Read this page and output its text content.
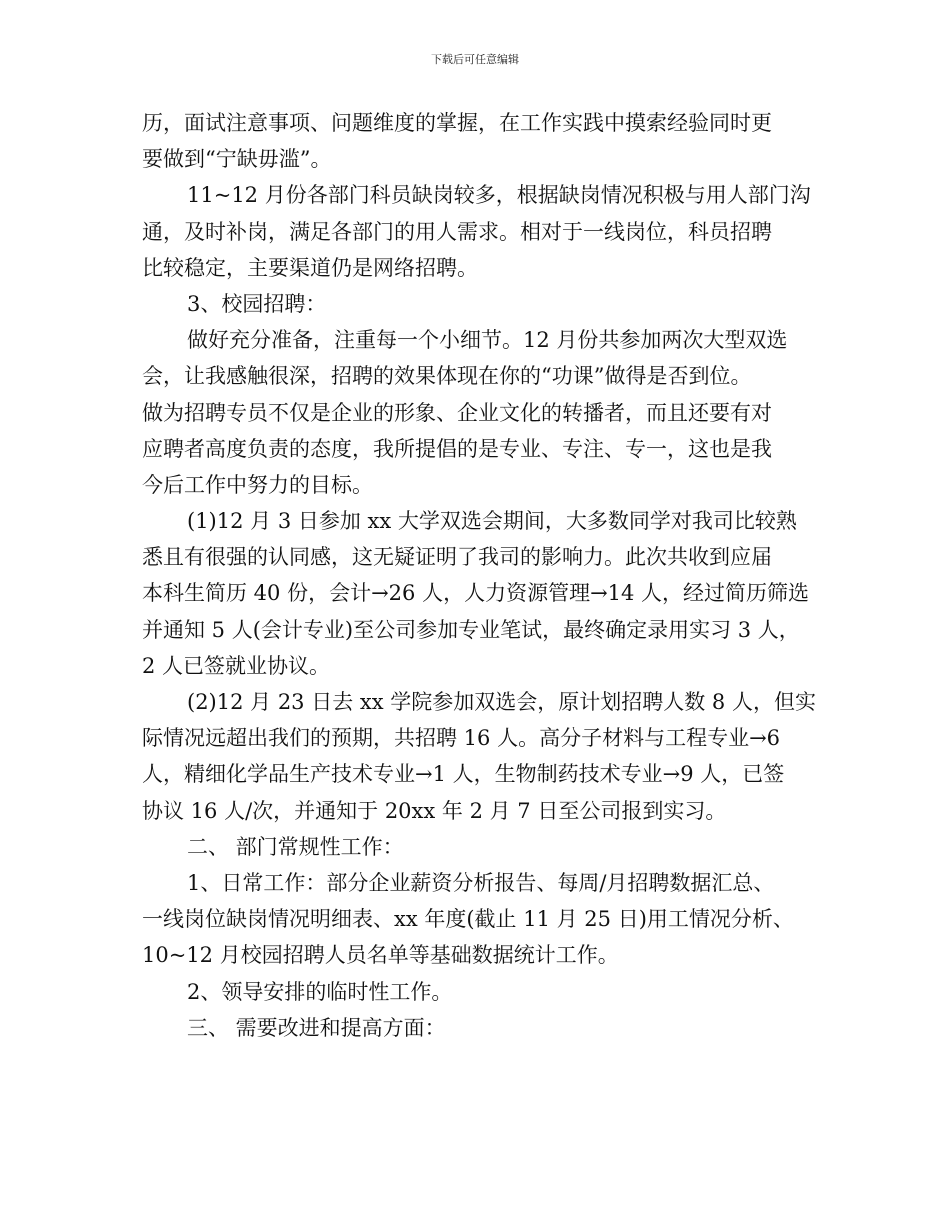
下载后可任意编辑
历，面试注意事项、问题维度的掌握，在工作实践中摸索经验同时更
要做到“宁缺毋滥”。
11~12 月份各部门科员缺岗较多，根据缺岗情况积极与用人部门沟
通，及时补岗，满足各部门的用人需求。相对于一线岗位，科员招聘
比较稳定，主要渠道仍是网络招聘。
3、校园招聘：
做好充分准备，注重每一个小细节。12 月份共参加两次大型双选
会，让我感触很深，招聘的效果体现在你的“功课”做得是否到位。
做为招聘专员不仅是企业的形象、企业文化的转播者，而且还要有对
应聘者高度负责的态度，我所提倡的是专业、专注、专一，这也是我
今后工作中努力的目标。
(1)12 月 3 日参加 xx 大学双选会期间，大多数同学对我司比较熟
悉且有很强的认同感，这无疑证明了我司的影响力。此次共收到应届
本科生简历 40 份，会计→26 人，人力资源管理→14 人，经过简历筛选
并通知 5 人(会计专业)至公司参加专业笔试，最终确定录用实习 3 人，
2 人已签就业协议。
(2)12 月 23 日去 xx 学院参加双选会，原计划招聘人数 8 人，但实
际情况远超出我们的预期，共招聘 16 人。高分子材料与工程专业→6
人，精细化学品生产技术专业→1 人，生物制药技术专业→9 人，已签
协议 16 人/次，并通知于 20xx 年 2 月 7 日至公司报到实习。
二、 部门常规性工作：
1、日常工作：部分企业薪资分析报告、每周/月招聘数据汇总、
一线岗位缺岗情况明细表、xx 年度(截止 11 月 25 日)用工情况分析、
10~12 月校园招聘人员名单等基础数据统计工作。
2、领导安排的临时性工作。
三、 需要改进和提高方面：
